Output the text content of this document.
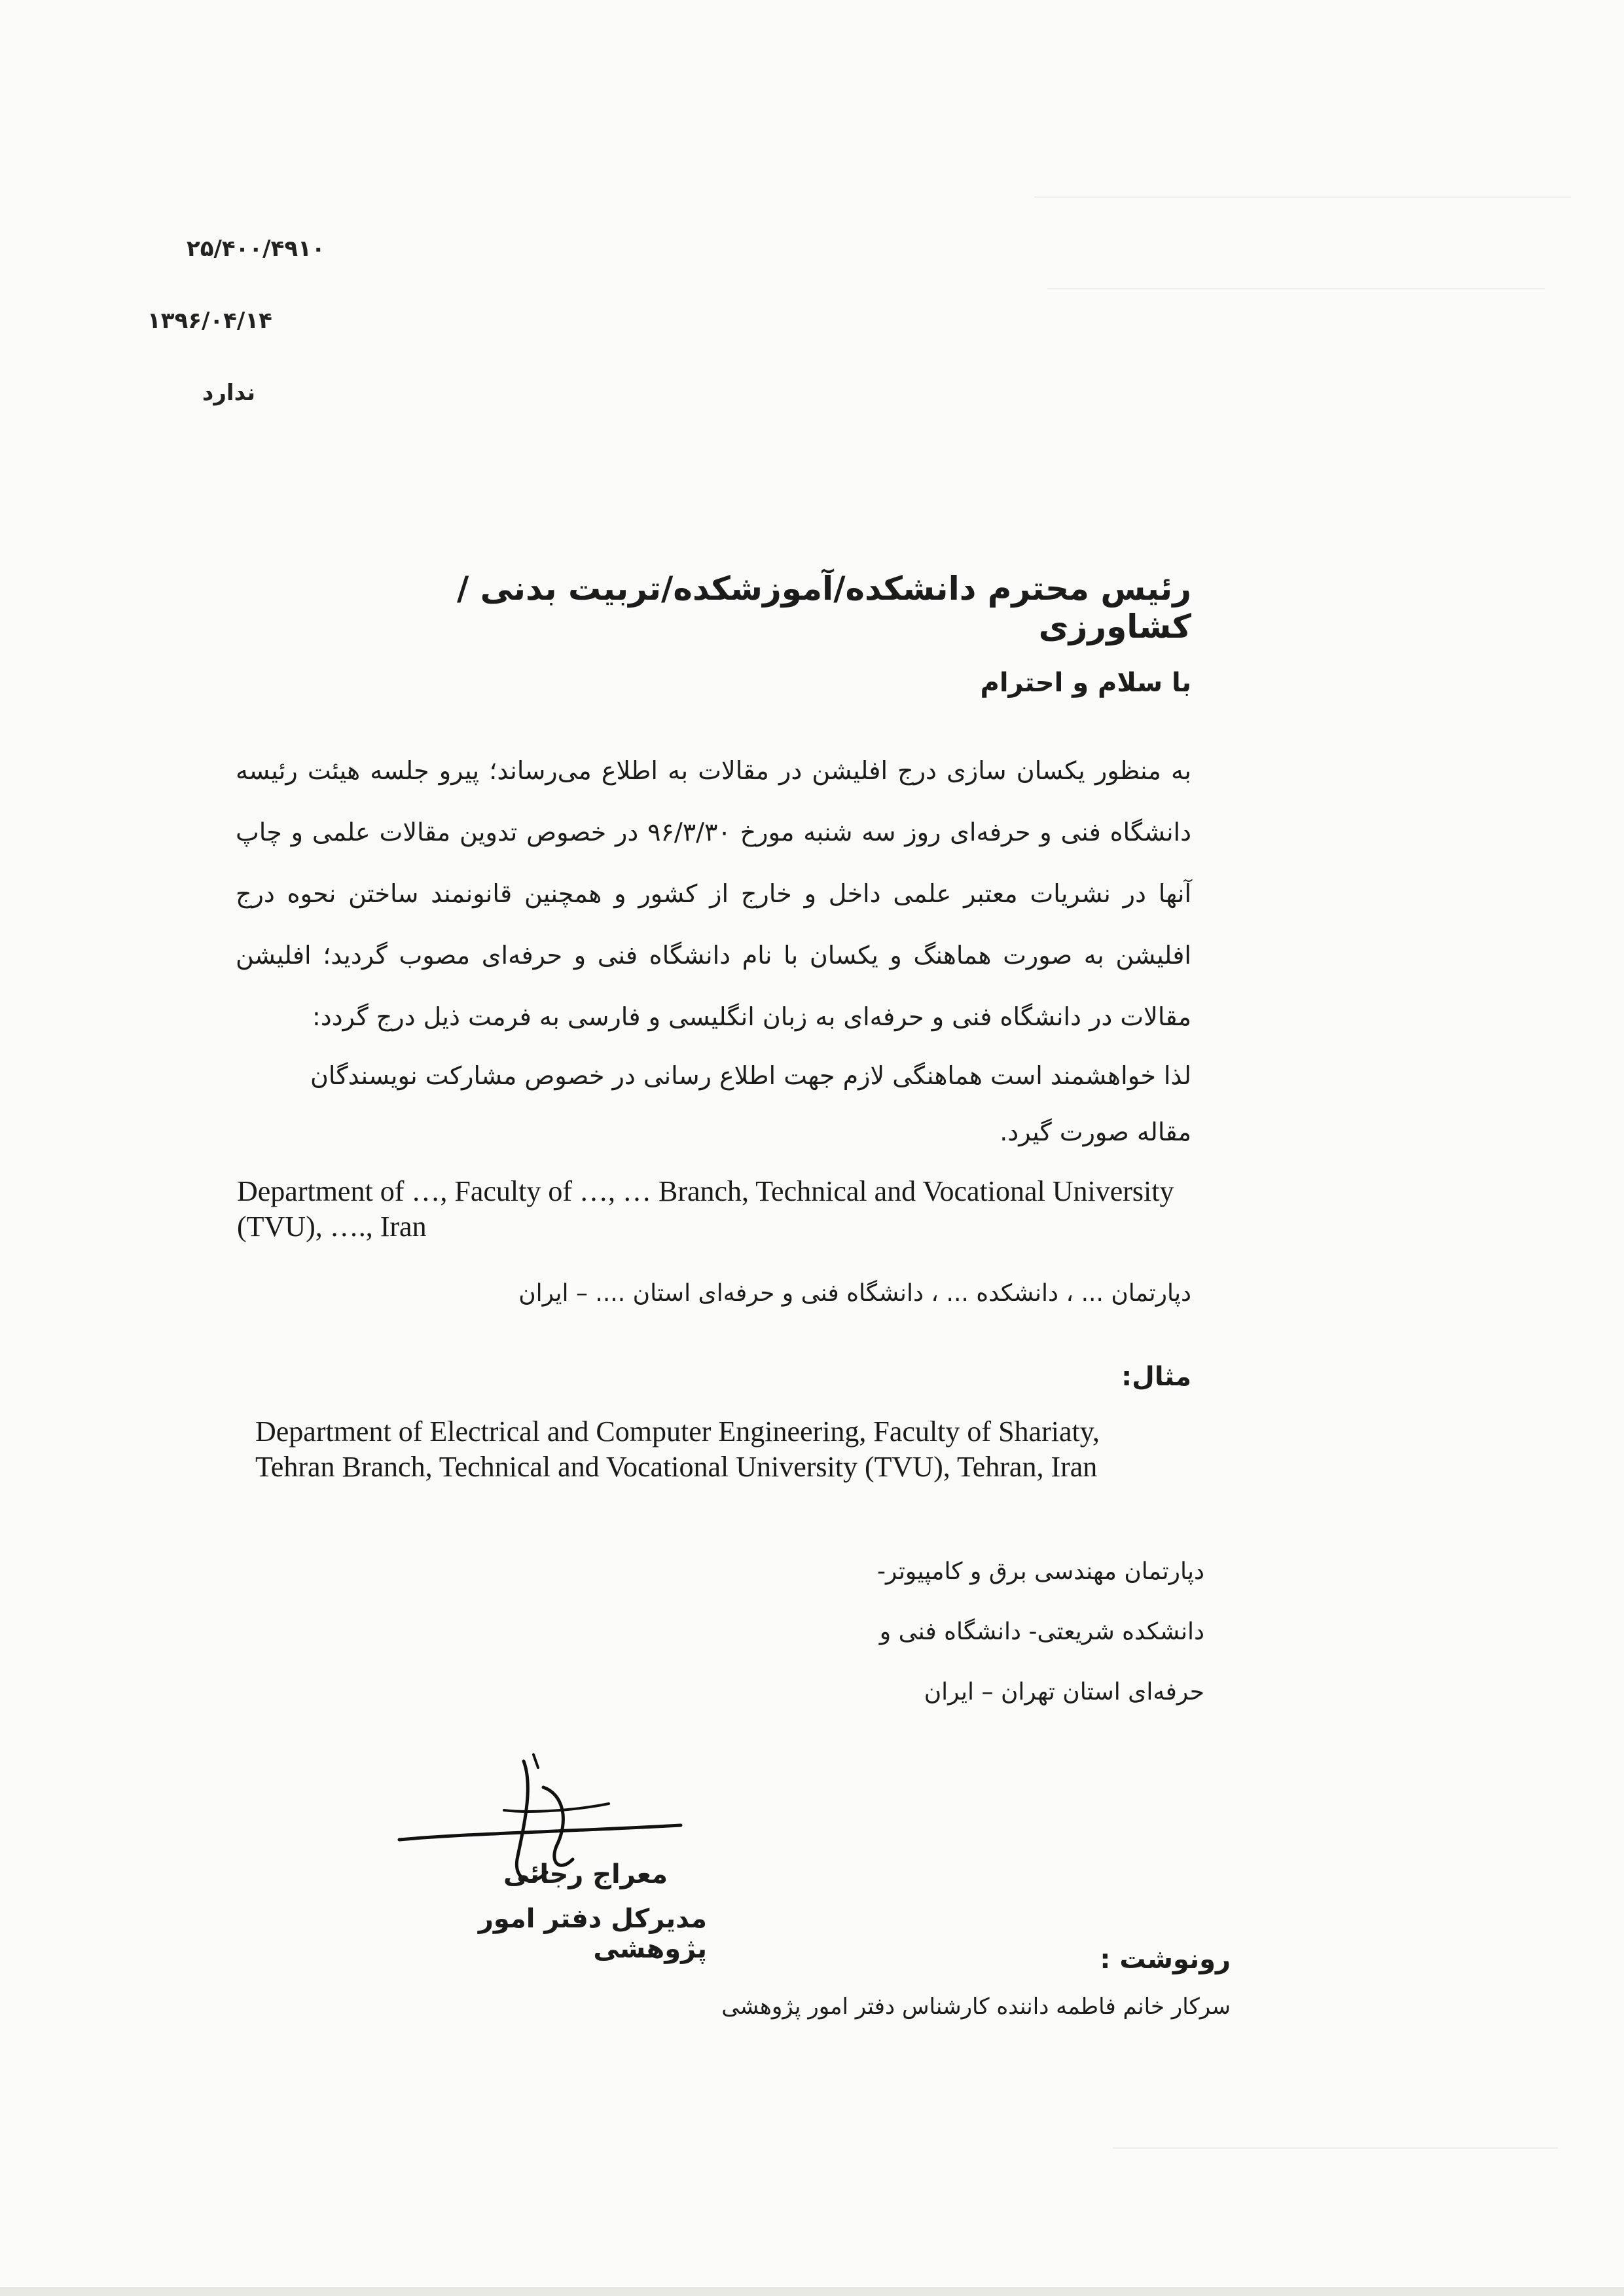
۲۵/۴۰۰/۴۹۱۰
۱۳۹۶/۰۴/۱۴
ندارد
رئیس محترم دانشکده/آموزشکده/تربیت بدنی /کشاورزی
با سلام و احترام
به منظور یکسان سازی درج افلیشن در مقالات به اطلاع می‌رساند؛ پیرو جلسه هیئت رئیسه دانشگاه فنی و حرفه‌ای روز سه شنبه مورخ ۹۶/۳/۳۰ در خصوص تدوین مقالات علمی و چاپ آنها در نشریات معتبر علمی داخل و خارج از کشور و همچنین قانونمند ساختن نحوه درج افلیشن به صورت هماهنگ و یکسان با نام دانشگاه فنی و حرفه‌ای مصوب گردید؛ افلیشن مقالات در دانشگاه فنی و حرفه‌ای به زبان انگلیسی و فارسی به فرمت ذیل درج گردد:
لذا خواهشمند است هماهنگی لازم جهت اطلاع رسانی در خصوص مشارکت نویسندگان مقاله صورت گیرد.
Department of …, Faculty of …, … Branch, Technical and Vocational University (TVU), …., Iran
دپارتمان ... ، دانشکده ... ، دانشگاه فنی و حرفه‌ای استان .... – ایران
مثال:
Department of Electrical and Computer Engineering, Faculty of Shariaty, Tehran Branch, Technical and Vocational University (TVU), Tehran, Iran
دپارتمان مهندسی برق و کامپیوتر-دانشکده شریعتی- دانشگاه فنی و حرفه‌ای استان تهران – ایران
معراج رجائی
مدیرکل دفتر امور پژوهشی	رونوشت :
سرکار خانم فاطمه داننده کارشناس دفتر امور پژوهشی
